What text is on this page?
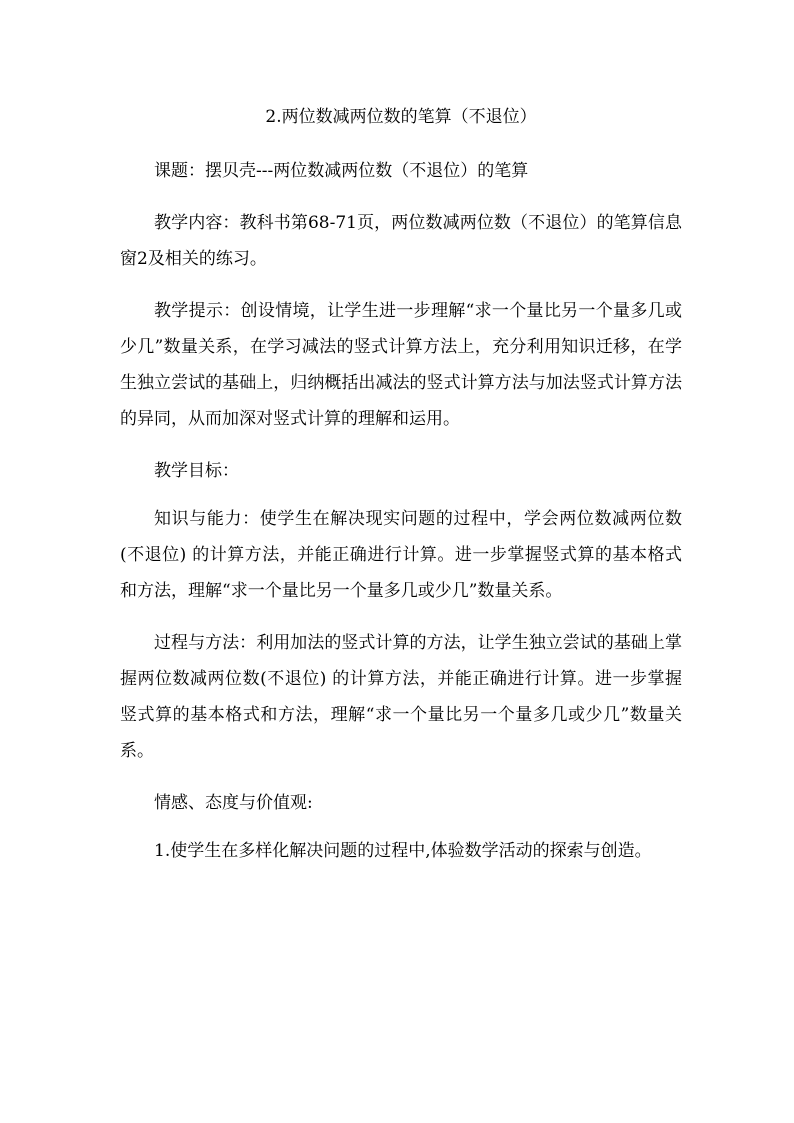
2.两位数减两位数的笔算（不退位）

课题：摆贝壳---两位数减两位数（不退位）的笔算

教学内容：教科书第68-71页，两位数减两位数（不退位）的笔算信息窗2及相关的练习。

教学提示：创设情境，让学生进一步理解“求一个量比另一个量多几或少几”数量关系，在学习减法的竖式计算方法上，充分利用知识迁移，在学生独立尝试的基础上，归纳概括出减法的竖式计算方法与加法竖式计算方法的异同，从而加深对竖式计算的理解和运用。

教学目标：

知识与能力：使学生在解决现实问题的过程中，学会两位数减两位数(不退位) 的计算方法，并能正确进行计算。进一步掌握竖式算的基本格式和方法，理解“求一个量比另一个量多几或少几”数量关系。

过程与方法：利用加法的竖式计算的方法，让学生独立尝试的基础上掌握两位数减两位数(不退位) 的计算方法，并能正确进行计算。进一步掌握竖式算的基本格式和方法，理解“求一个量比另一个量多几或少几”数量关系。

情感、态度与价值观:

1.使学生在多样化解决问题的过程中,体验数学活动的探索与创造。
